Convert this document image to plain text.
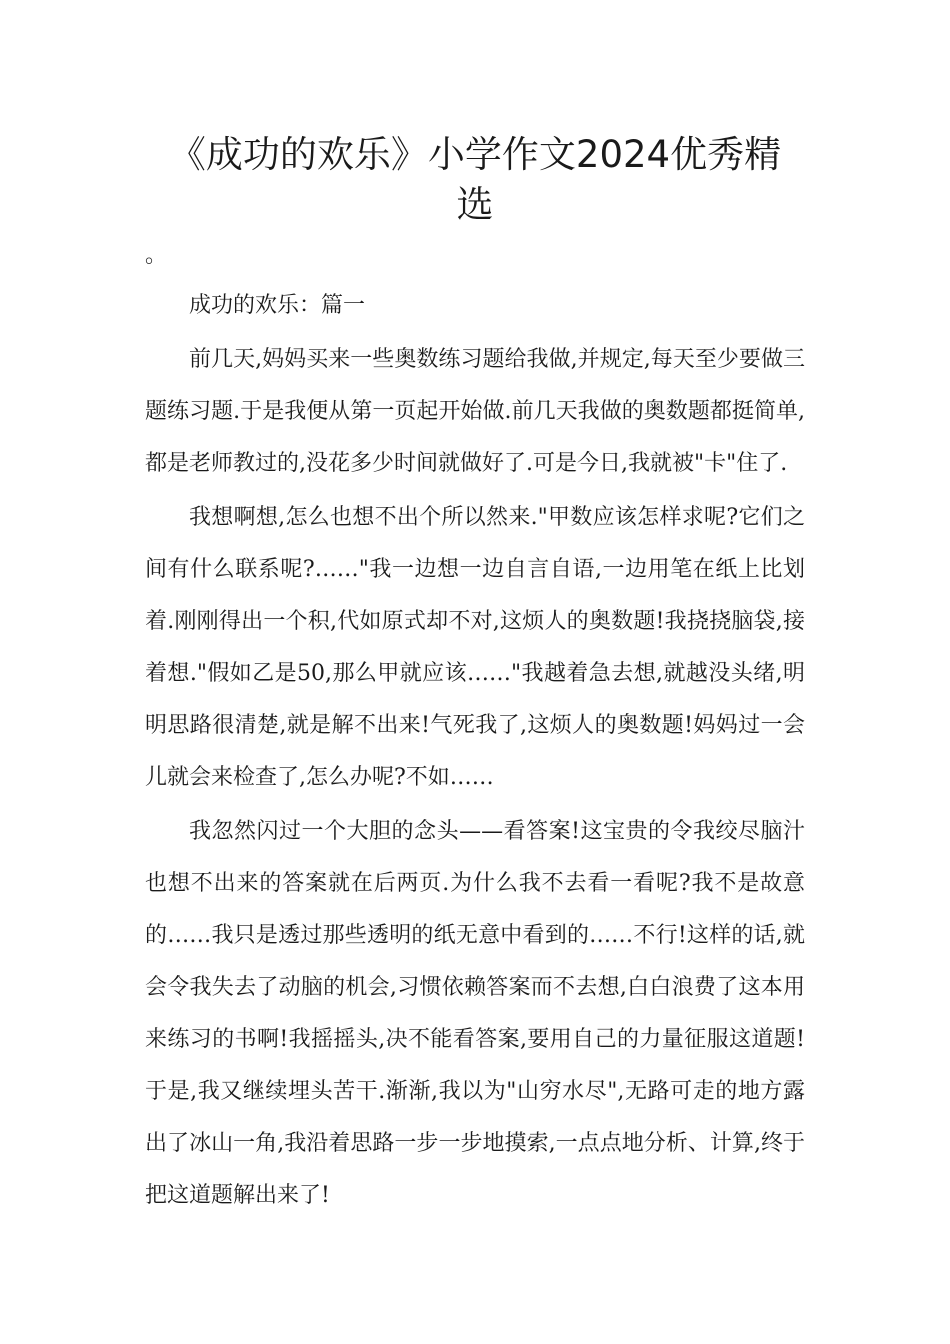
《成功的欢乐》小学作文2024优秀精选
。

成功的欢乐：篇一

前几天,妈妈买来一些奥数练习题给我做,并规定,每天至少要做三题练习题.于是我便从第一页起开始做.前几天我做的奥数题都挺简单,都是老师教过的,没花多少时间就做好了.可是今日,我就被"卡"住了.

我想啊想,怎么也想不出个所以然来."甲数应该怎样求呢?它们之间有什么联系呢?……"我一边想一边自言自语,一边用笔在纸上比划着.刚刚得出一个积,代如原式却不对,这烦人的奥数题!我挠挠脑袋,接着想."假如乙是50,那么甲就应该……"我越着急去想,就越没头绪,明明思路很清楚,就是解不出来!气死我了,这烦人的奥数题!妈妈过一会儿就会来检查了,怎么办呢?不如……

我忽然闪过一个大胆的念头——看答案!这宝贵的令我绞尽脑汁也想不出来的答案就在后两页.为什么我不去看一看呢?我不是故意的……我只是透过那些透明的纸无意中看到的……不行!这样的话,就会令我失去了动脑的机会,习惯依赖答案而不去想,白白浪费了这本用来练习的书啊!我摇摇头,决不能看答案,要用自己的力量征服这道题!于是,我又继续埋头苦干.渐渐,我以为"山穷水尽",无路可走的地方露出了冰山一角,我沿着思路一步一步地摸索,一点点地分析、计算,终于把这道题解出来了!
